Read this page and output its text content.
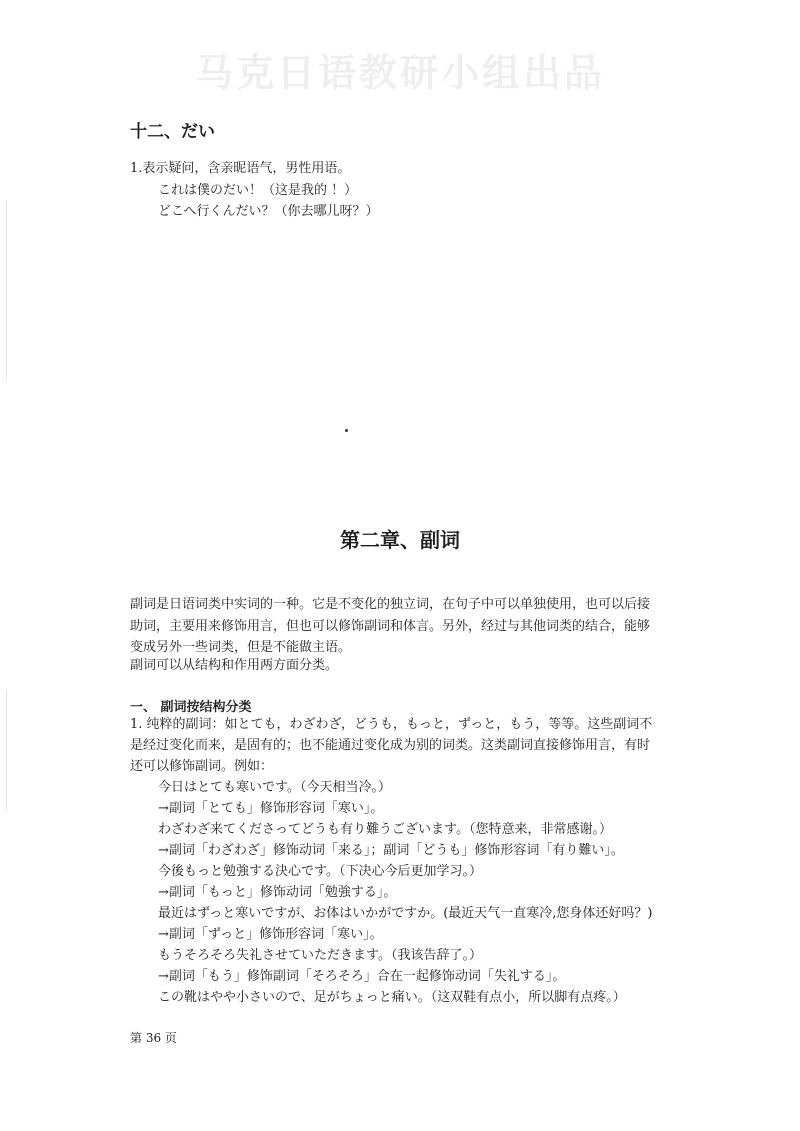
马克日语教研小组出品
十二、だい
1.表示疑问，含亲昵语气，男性用语。
これは僕のだい！（这是我的 ！）
どこへ行くんだい？（你去哪儿呀？）
第二章、副词
副词是日语词类中实词的一种。它是不变化的独立词，在句子中可以单独使用，也可以后接
助词，主要用来修饰用言，但也可以修饰副词和体言。另外，经过与其他词类的结合，能够
变成另外一些词类，但是不能做主语。
副词可以从结构和作用两方面分类。
一、 副词按结构分类
1. 纯粹的副词：如とても，わざわざ，どうも，もっと，ずっと，もう，等等。这些副词不
是经过变化而来，是固有的；也不能通过变化成为别的词类。这类副词直接修饰用言，有时
还可以修饰副词。例如：
今日はとても寒いです。（今天相当冷。）
→副词「とても」修饰形容词「寒い」。
わざわざ来てくださってどうも有り難うございます。（您特意来，非常感谢。）
→副词「わざわざ」修饰动词「来る」；副词「どうも」修饰形容词「有り難い」。
今後もっと勉強する決心です。（下决心今后更加学习。）
→副词「もっと」修饰动词「勉強する」。
最近はずっと寒いですが、お体はいかがですか。(最近天气一直寒冷,您身体还好吗？)
→副词「ずっと」修饰形容词「寒い」。
もうそろそろ失礼させていただきます。（我该告辞了。）
→副词「もう」修饰副词「そろそろ」合在一起修饰动词「失礼する」。
この靴はやや小さいので、足がちょっと痛い。（这双鞋有点小，所以脚有点疼。）
第 36 页
